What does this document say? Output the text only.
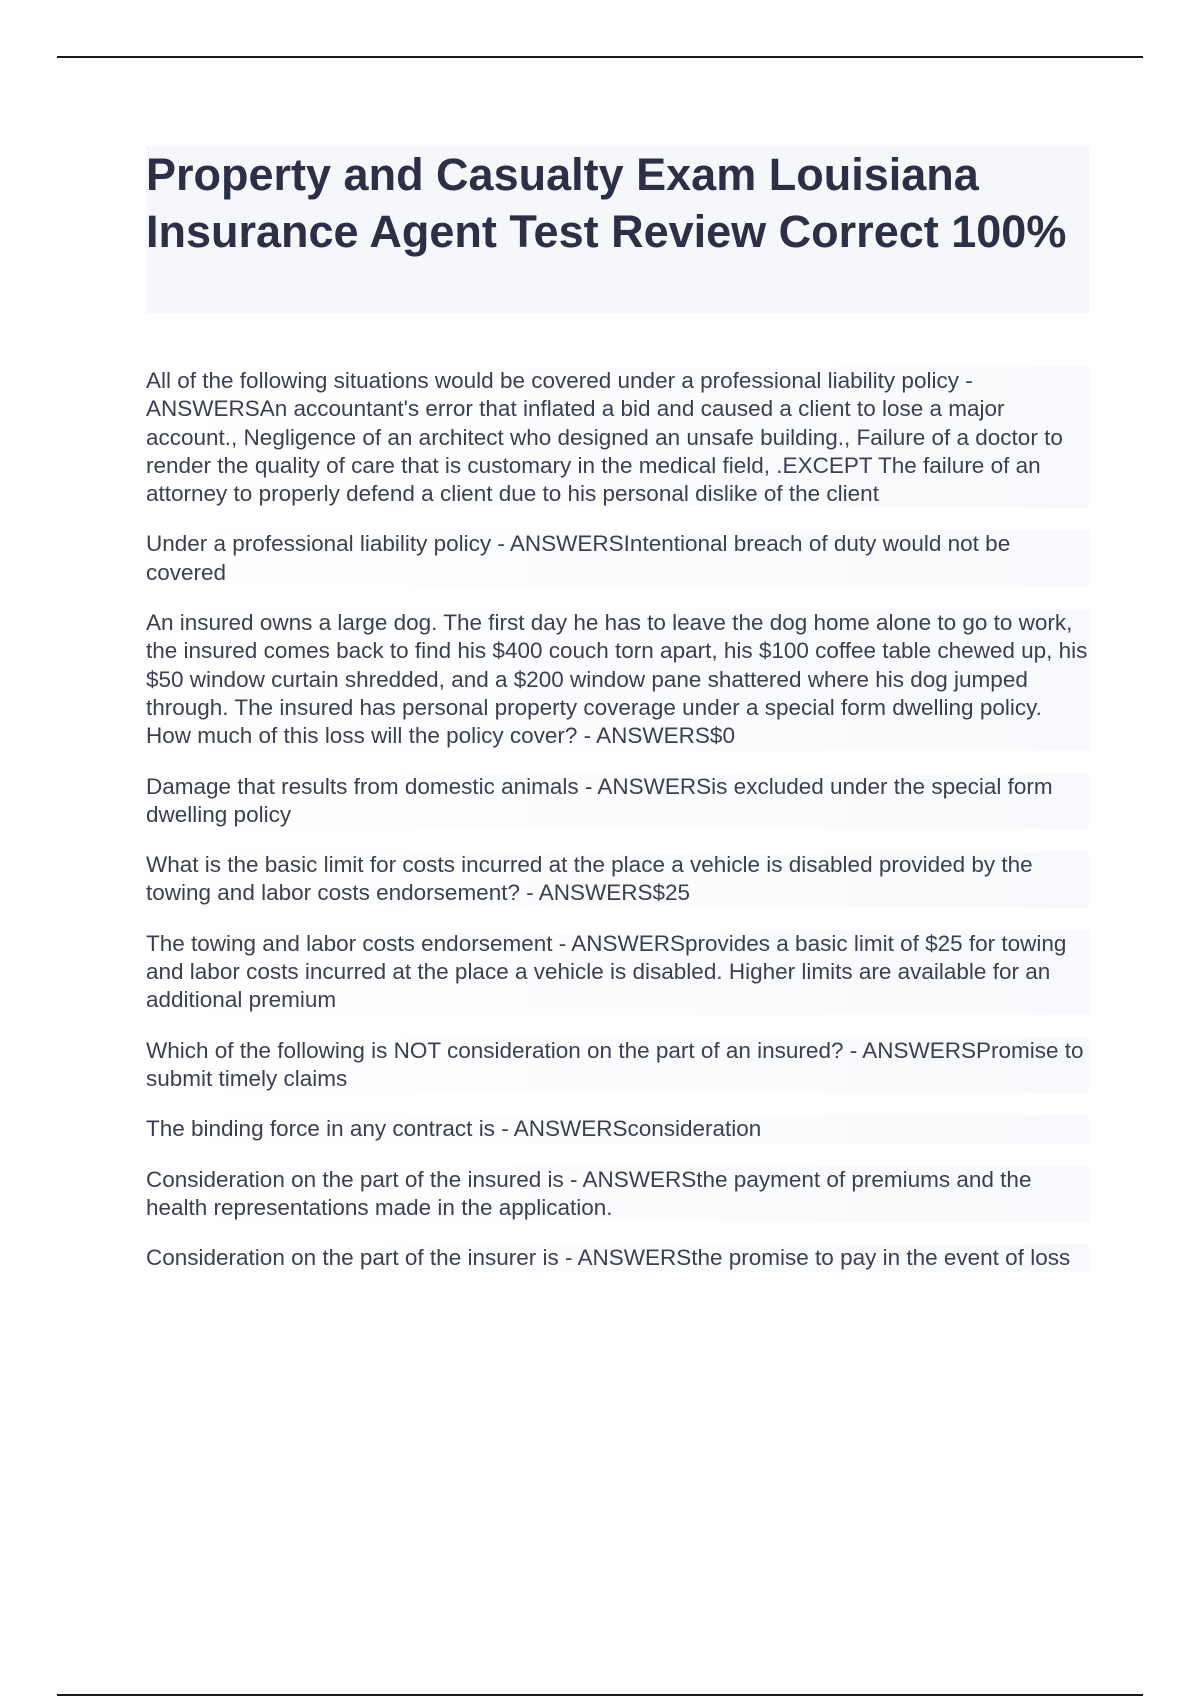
Property and Casualty Exam Louisiana Insurance Agent Test Review Correct 100%

All of the following situations would be covered under a professional liability policy - ANSWERSAn accountant's error that inflated a bid and caused a client to lose a major account., Negligence of an architect who designed an unsafe building., Failure of a doctor to render the quality of care that is customary in the medical field, .EXCEPT The failure of an attorney to properly defend a client due to his personal dislike of the client

Under a professional liability policy - ANSWERSIntentional breach of duty would not be covered

An insured owns a large dog. The first day he has to leave the dog home alone to go to work, the insured comes back to find his $400 couch torn apart, his $100 coffee table chewed up, his $50 window curtain shredded, and a $200 window pane shattered where his dog jumped through. The insured has personal property coverage under a special form dwelling policy. How much of this loss will the policy cover? - ANSWERS$0

Damage that results from domestic animals - ANSWERSis excluded under the special form dwelling policy

What is the basic limit for costs incurred at the place a vehicle is disabled provided by the towing and labor costs endorsement? - ANSWERS$25

The towing and labor costs endorsement - ANSWERSprovides a basic limit of $25 for towing and labor costs incurred at the place a vehicle is disabled. Higher limits are available for an additional premium

Which of the following is NOT consideration on the part of an insured? - ANSWERSPromise to submit timely claims

The binding force in any contract is - ANSWERSconsideration

Consideration on the part of the insured is - ANSWERSthe payment of premiums and the health representations made in the application.

Consideration on the part of the insurer is - ANSWERSthe promise to pay in the event of loss
